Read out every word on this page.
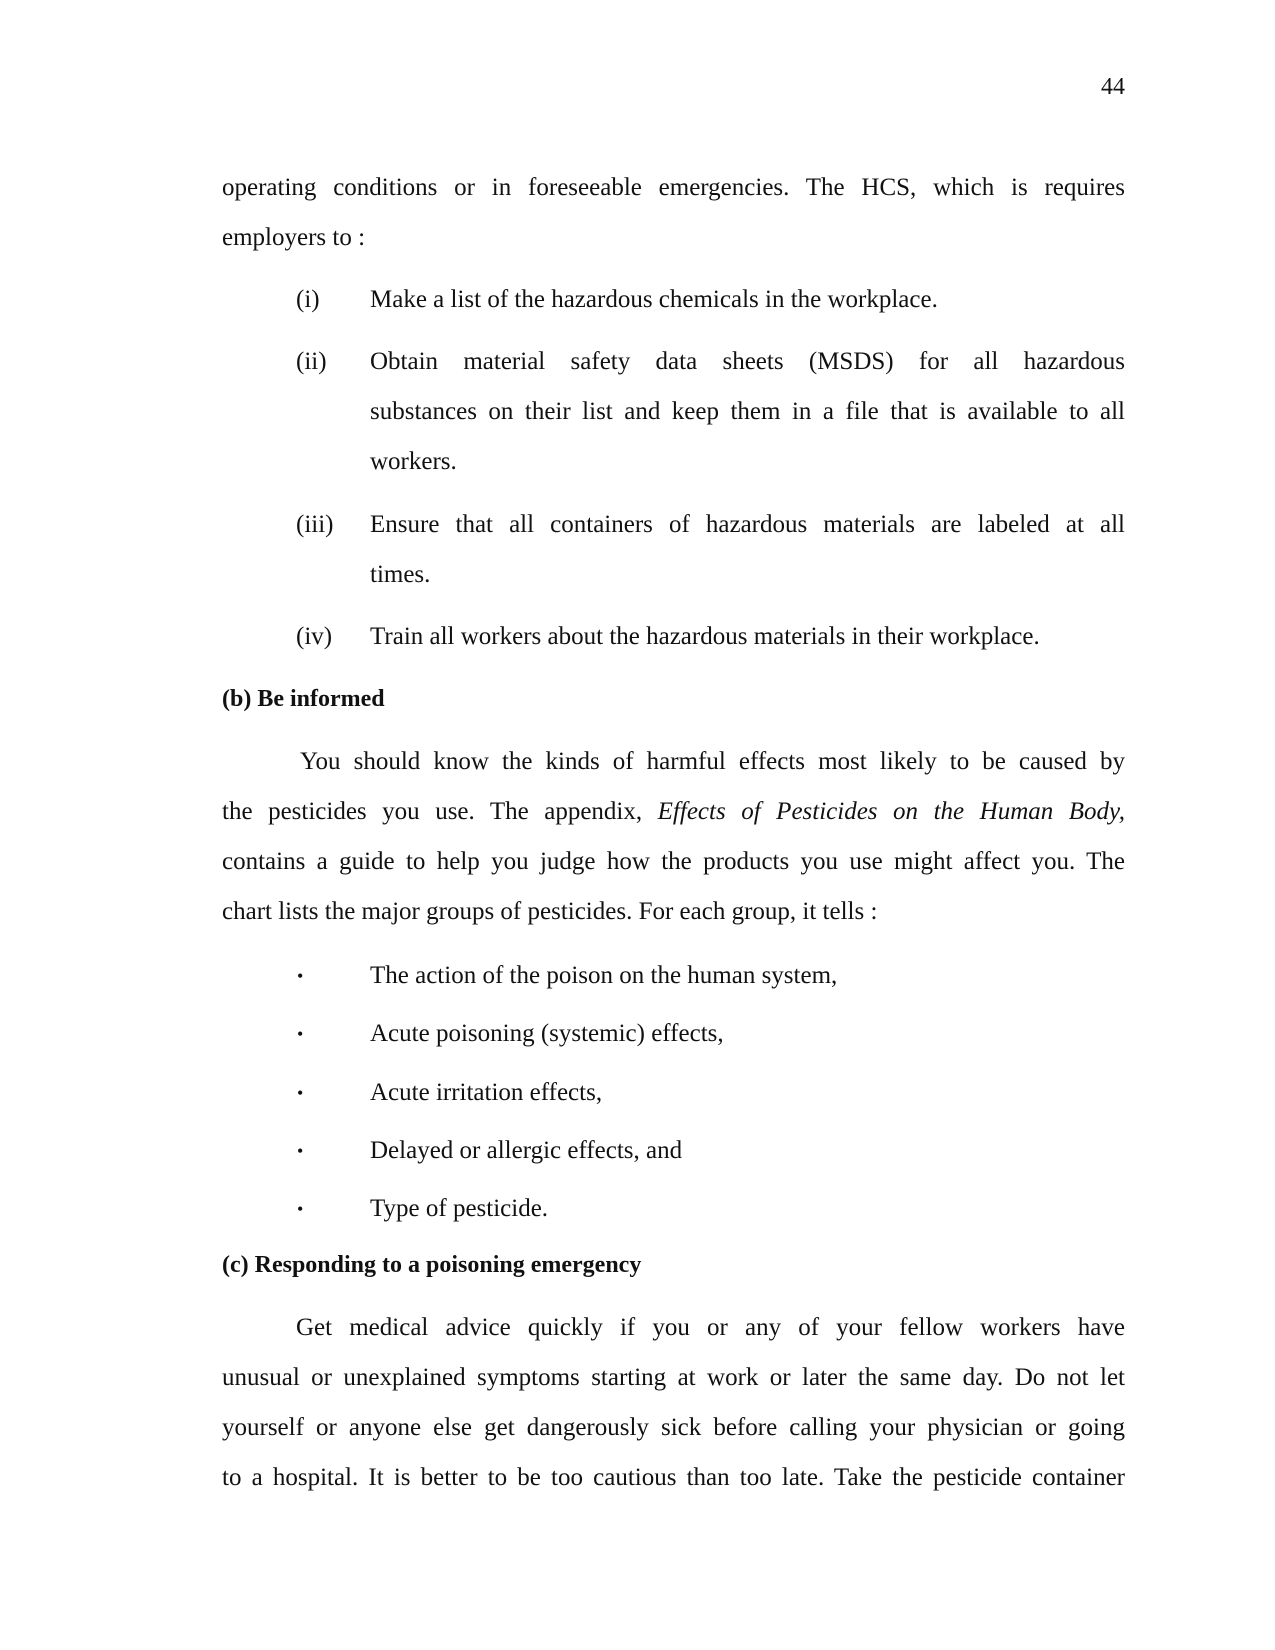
44
operating conditions or in foreseeable emergencies. The HCS, which is requires
employers to :
(i) Make a list of the hazardous chemicals in the workplace.
(ii) Obtain material safety data sheets (MSDS) for all hazardous
substances on their list and keep them in a file that is available to all
workers.
(iii) Ensure that all containers of hazardous materials are labeled at all
times.
(iv) Train all workers about the hazardous materials in their workplace.
(b) Be informed
You should know the kinds of harmful effects most likely to be caused by
the pesticides you use. The appendix, Effects of Pesticides on the Human Body,
contains a guide to help you judge how the products you use might affect you. The
chart lists the major groups of pesticides. For each group, it tells :
•	The action of the poison on the human system,
•	Acute poisoning (systemic) effects,
•	Acute irritation effects,
•	Delayed or allergic effects, and
•	Type of pesticide.
(c) Responding to a poisoning emergency
Get medical advice quickly if you or any of your fellow workers have
unusual or unexplained symptoms starting at work or later the same day. Do not let
yourself or anyone else get dangerously sick before calling your physician or going
to a hospital. It is better to be too cautious than too late. Take the pesticide container
